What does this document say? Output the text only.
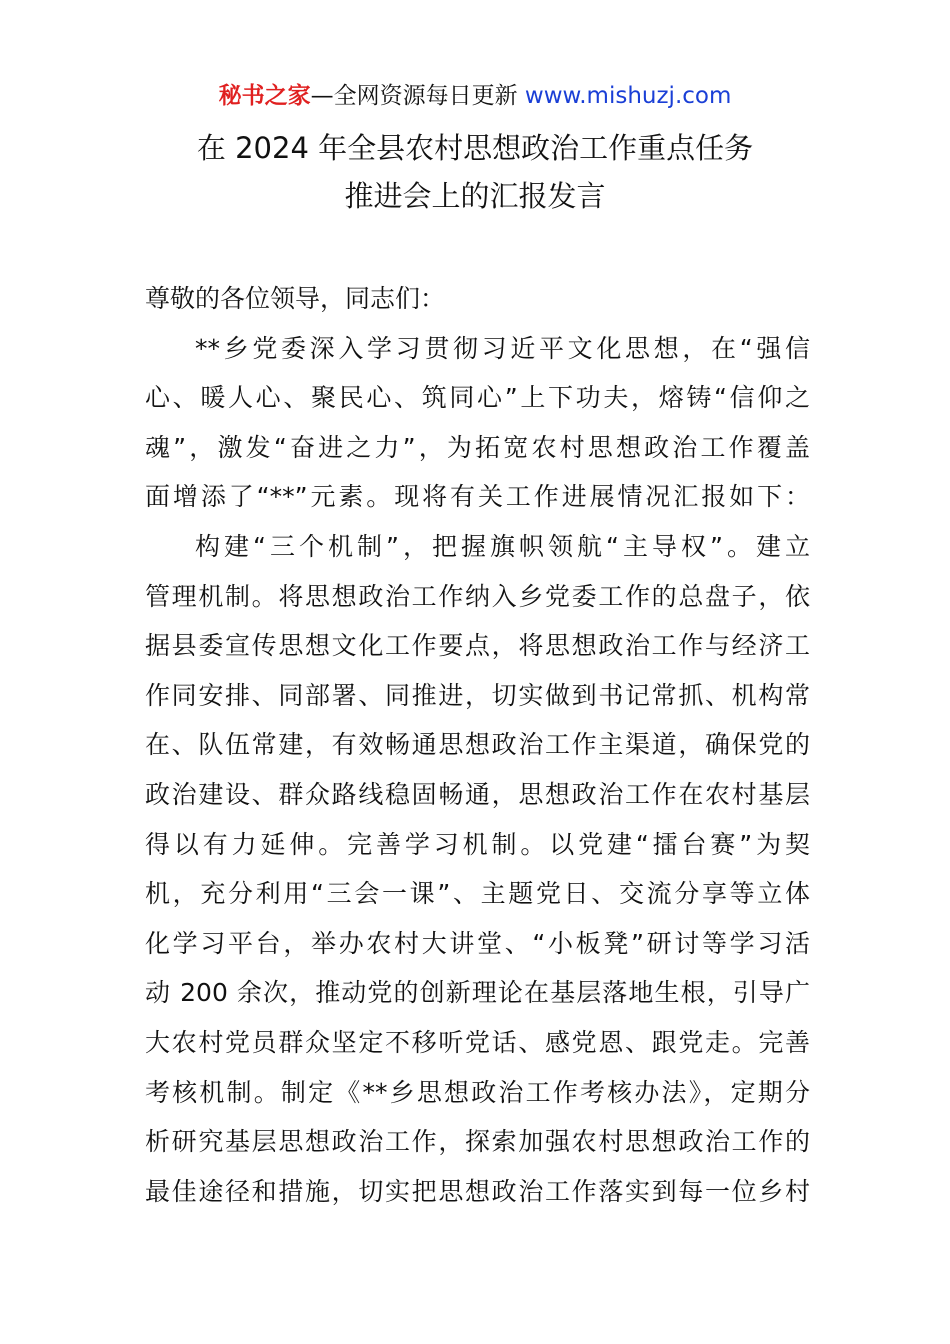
秘书之家—全网资源每日更新 www.mishuzj.com
在 2024 年全县农村思想政治工作重点任务
推进会上的汇报发言
尊敬的各位领导，同志们：
**乡党委深入学习贯彻习近平文化思想，在“强信
心、暖人心、聚民心、筑同心”上下功夫，熔铸“信仰之
魂”，激发“奋进之力”，为拓宽农村思想政治工作覆盖
面增添了“**”元素。现将有关工作进展情况汇报如下：
构建“三个机制”，把握旗帜领航“主导权”。建立
管理机制。将思想政治工作纳入乡党委工作的总盘子，依
据县委宣传思想文化工作要点，将思想政治工作与经济工
作同安排、同部署、同推进，切实做到书记常抓、机构常
在、队伍常建，有效畅通思想政治工作主渠道，确保党的
政治建设、群众路线稳固畅通，思想政治工作在农村基层
得以有力延伸。完善学习机制。以党建“擂台赛”为契
机，充分利用“三会一课”、主题党日、交流分享等立体
化学习平台，举办农村大讲堂、“小板凳”研讨等学习活
动 200 余次，推动党的创新理论在基层落地生根，引导广
大农村党员群众坚定不移听党话、感党恩、跟党走。完善
考核机制。制定《**乡思想政治工作考核办法》，定期分
析研究基层思想政治工作，探索加强农村思想政治工作的
最佳途径和措施，切实把思想政治工作落实到每一位乡村
